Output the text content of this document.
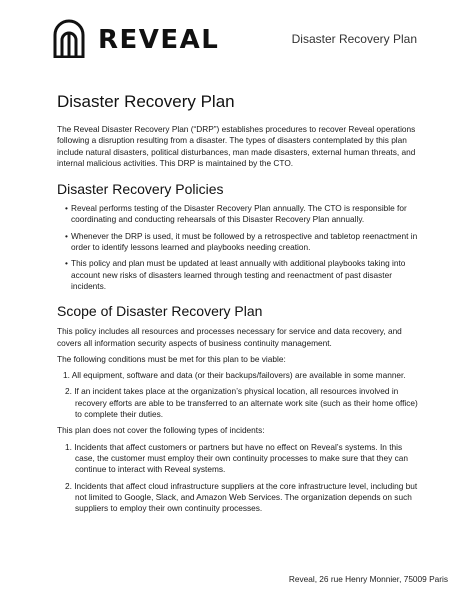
REVEAL	Disaster Recovery Plan
Disaster Recovery Plan

The Reveal Disaster Recovery Plan (“DRP”) establishes procedures to recover Reveal operations following a disruption resulting from a disaster. The types of disasters contemplated by this plan include natural disasters, political disturbances, man made disasters, external human threats, and internal malicious activities. This DRP is maintained by the CTO.

Disaster Recovery Policies
• Reveal performs testing of the Disaster Recovery Plan annually. The CTO is responsible for coordinating and conducting rehearsals of this Disaster Recovery Plan annually.
• Whenever the DRP is used, it must be followed by a retrospective and tabletop reenactment in order to identify lessons learned and playbooks needing creation.
• This policy and plan must be updated at least annually with additional playbooks taking into account new risks of disasters learned through testing and reenactment of past disaster incidents.
Scope of Disaster Recovery Plan

This policy includes all resources and processes necessary for service and data recovery, and covers all information security aspects of business continuity management.

The following conditions must be met for this plan to be viable:

1. All equipment, software and data (or their backups/failovers) are available in some manner.
2. If an incident takes place at the organization’s physical location, all resources involved in recovery efforts are able to be transferred to an alternate work site (such as their home office) to complete their duties.

This plan does not cover the following types of incidents:

1. Incidents that affect customers or partners but have no effect on Reveal’s systems. In this case, the customer must employ their own continuity processes to make sure that they can continue to interact with Reveal systems.
2. Incidents that affect cloud infrastructure suppliers at the core infrastructure level, including but not limited to Google, Slack, and Amazon Web Services. The organization depends on such suppliers to employ their own continuity processes.
Reveal, 26 rue Henry Monnier, 75009 Paris
